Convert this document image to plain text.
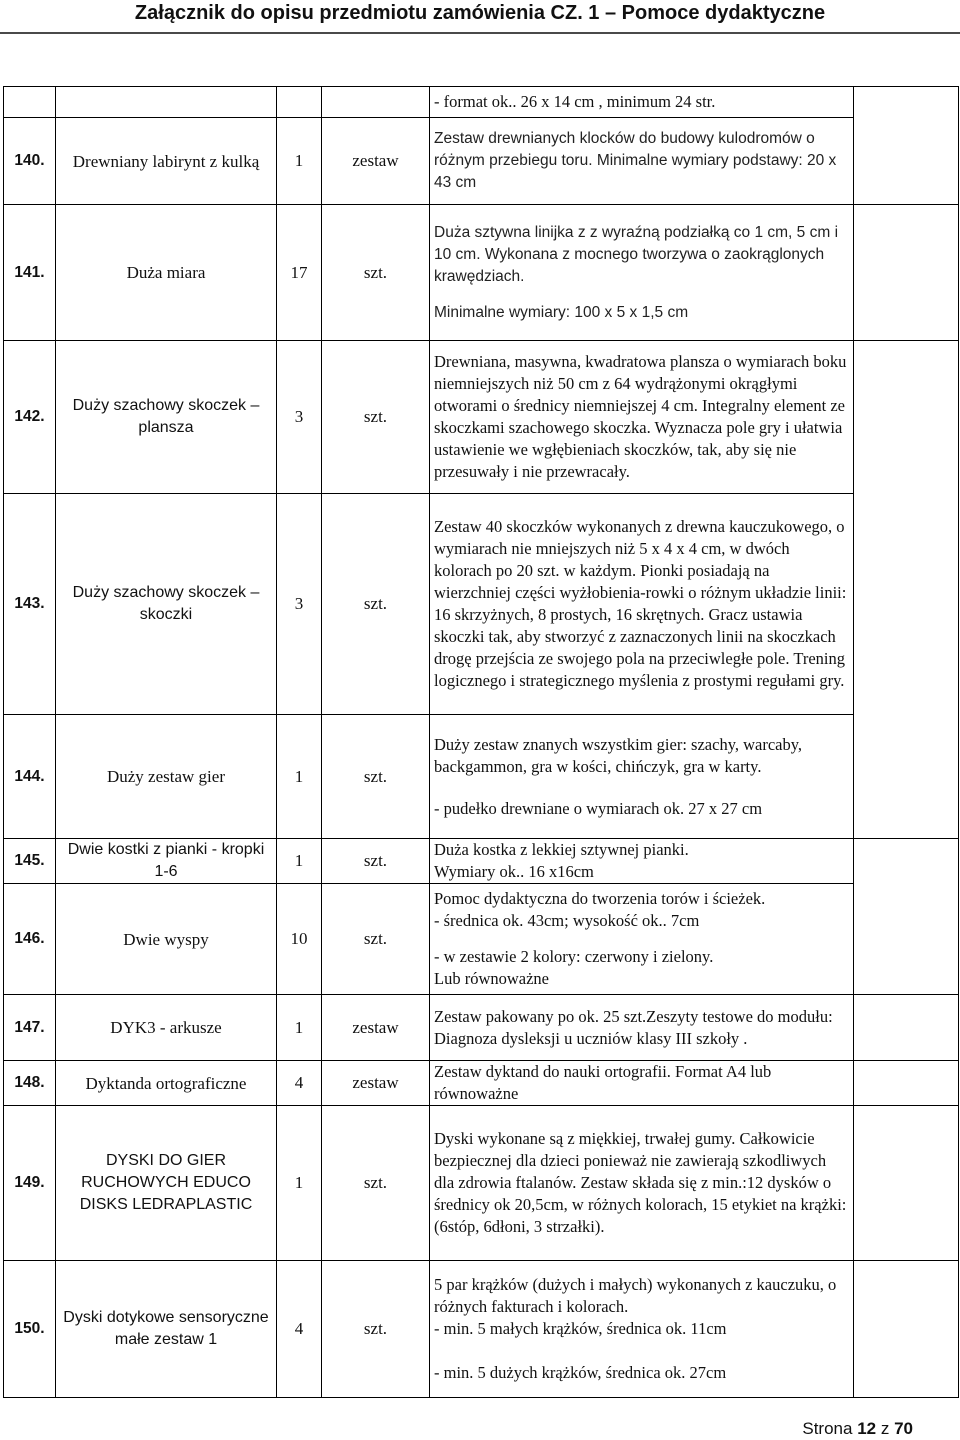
Załącznik do opisu przedmiotu zamówienia CZ. 1 – Pomoce dydaktyczne

				- format ok.. 26 x 14 cm , minimum 24 str.	

140.	Drewniany labirynt z kulką	1	zestaw	Zestaw drewnianych klocków do budowy kulodromów o różnym przebiegu toru. Minimalne wymiary podstawy: 20 x 43 cm	

141.	Duża miara	17	szt.	Duża sztywna linijka z z wyraźną podziałką co 1 cm, 5 cm i 10 cm. Wykonana z mocnego tworzywa o zaokrąglonych krawędziach.
Minimalne wymiary: 100 x 5 x 1,5 cm	

142.	Duży szachowy skoczek – plansza	3	szt.	Drewniana, masywna, kwadratowa plansza o wymiarach boku niemniejszych niż 50 cm z 64 wydrążonymi okrągłymi otworami o średnicy niemniejszej 4 cm. Integralny element ze skoczkami szachowego skoczka. Wyznacza pole gry i ułatwia ustawienie we wgłębieniach skoczków, tak, aby się nie przesuwały i nie przewracały.	

143.	Duży szachowy skoczek – skoczki	3	szt.	Zestaw 40 skoczków wykonanych z drewna kauczukowego, o wymiarach nie mniejszych niż 5 x 4 x 4 cm, w dwóch kolorach po 20 szt. w każdym. Pionki posiadają na wierzchniej części wyżłobienia-rowki o różnym układzie linii: 16 skrzyżnych, 8 prostych, 16 skrętnych. Gracz ustawia skoczki tak, aby stworzyć z zaznaczonych linii na skoczkach drogę przejścia ze swojego pola na przeciwległe pole. Trening logicznego i strategicznego myślenia z prostymi regułami gry.	

144.	Duży zestaw gier	1	szt.	Duży zestaw znanych wszystkim gier: szachy, warcaby, backgammon, gra w kości, chińczyk, gra w karty.
- pudełko drewniane o wymiarach ok. 27 x 27 cm	

145.	Dwie kostki z pianki - kropki 1-6	1	szt.	Duża kostka z lekkiej sztywnej pianki.
Wymiary ok.. 16 x16cm	

146.	Dwie wyspy	10	szt.	Pomoc dydaktyczna do tworzenia torów i ścieżek.
- średnica ok. 43cm; wysokość ok.. 7cm
- w zestawie 2 kolory: czerwony i zielony.
Lub równoważne	

147.	DYK3 - arkusze	1	zestaw	Zestaw pakowany po ok. 25 szt.Zeszyty testowe do modułu: Diagnoza dysleksji u uczniów klasy III szkoły .	

148.	Dyktanda ortograficzne	4	zestaw	Zestaw dyktand do nauki ortografii. Format A4 lub równoważne	

149.	DYSKI DO GIER RUCHOWYCH EDUCO DISKS LEDRAPLASTIC	1	szt.	Dyski wykonane są z miękkiej, trwałej gumy. Całkowicie bezpiecznej dla dzieci ponieważ nie zawierają szkodliwych dla zdrowia ftalanów. Zestaw składa się z min.:12 dysków o średnicy ok 20,5cm, w różnych kolorach, 15 etykiet na krążki: (6stóp, 6dłoni, 3 strzałki).	

150.	Dyski dotykowe sensoryczne małe zestaw 1	4	szt.	5 par krążków (dużych i małych) wykonanych z kauczuku, o różnych fakturach i kolorach.
- min. 5 małych krążków, średnica ok. 11cm
- min. 5 dużych krążków, średnica ok. 27cm	

Strona 12 z 70
